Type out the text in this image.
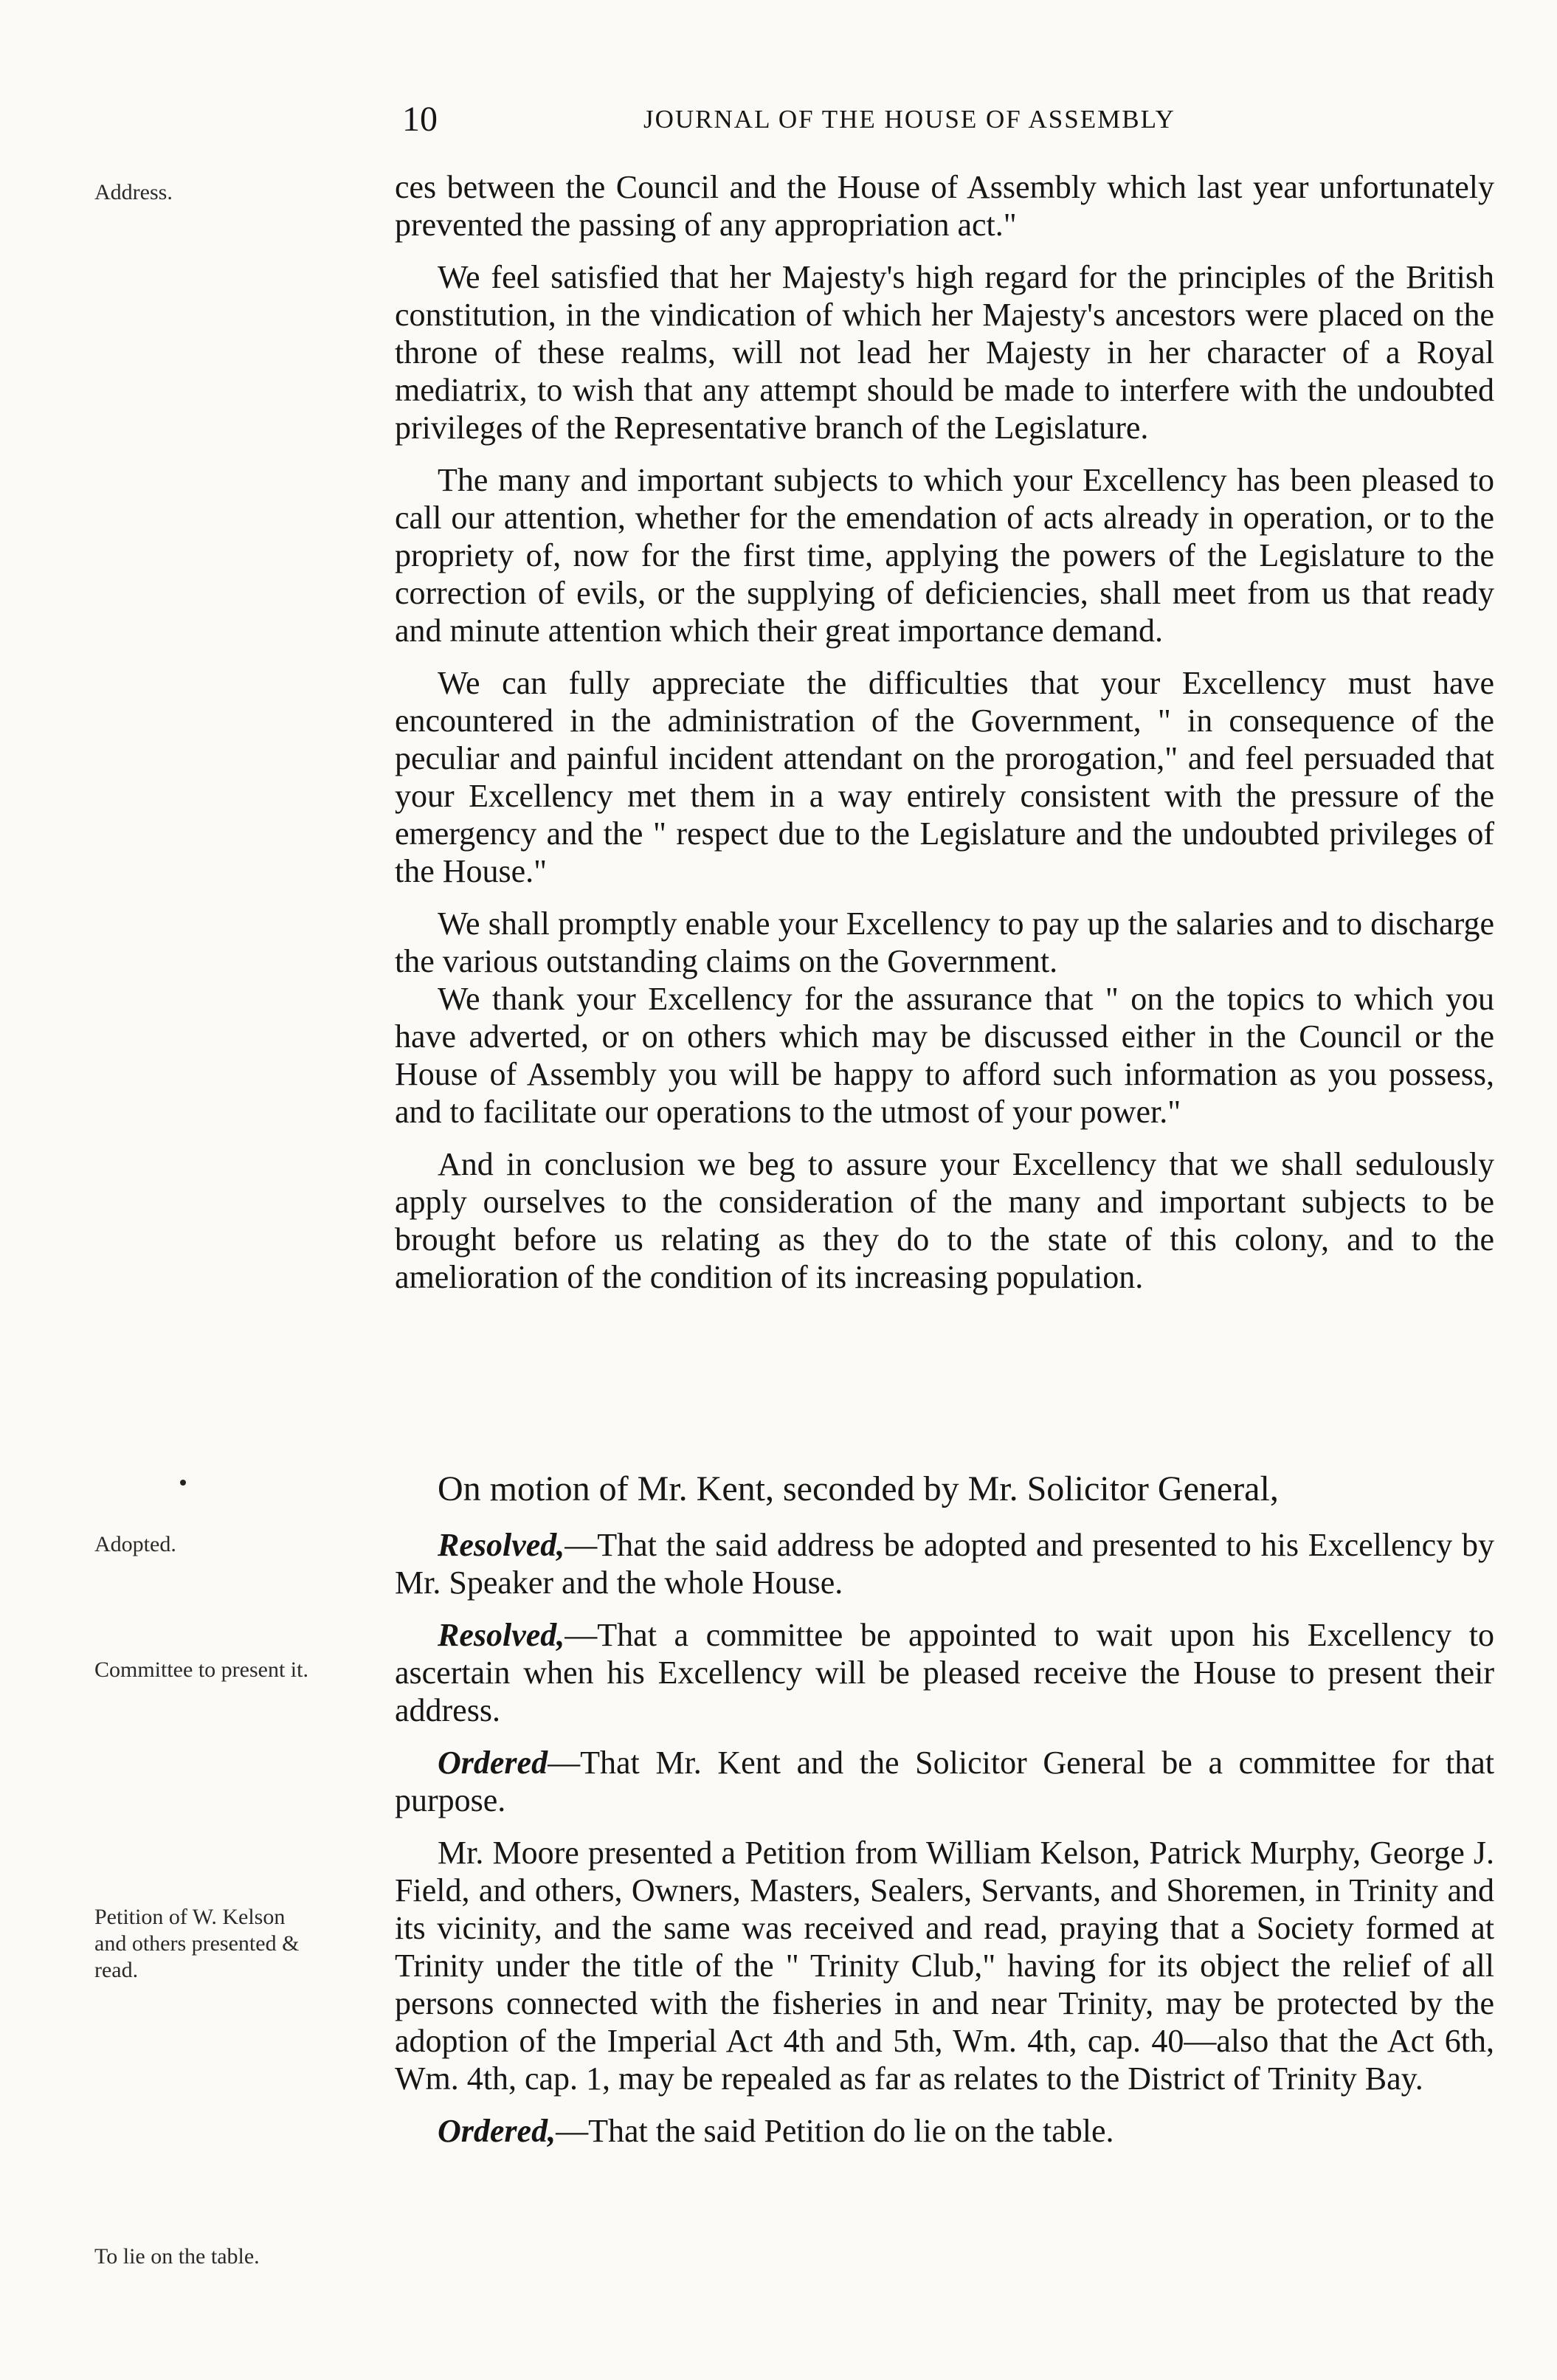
10	JOURNAL OF THE HOUSE OF ASSEMBLY
Address.
Adopted.
Committee to present it.
Petition of W. Kelson
and others presented &
read.
To lie on the table.

ces between the Council and the House of Assembly which last year unfortunately prevented the passing of any appropriation act."

We feel satisfied that her Majesty's high regard for the principles of the British constitution, in the vindication of which her Majesty's ancestors were placed on the throne of these realms, will not lead her Majesty in her character of a Royal mediatrix, to wish that any attempt should be made to interfere with the undoubted privileges of the Representative branch of the Legislature.

The many and important subjects to which your Excellency has been pleased to call our attention, whether for the emendation of acts already in operation, or to the propriety of, now for the first time, applying the powers of the Legislature to the correction of evils, or the supplying of deficiencies, shall meet from us that ready and minute attention which their great importance demand.

We can fully appreciate the difficulties that your Excellency must have encountered in the administration of the Government, " in consequence of the peculiar and painful incident attendant on the prorogation," and feel persuaded that your Excellency met them in a way entirely consistent with the pressure of the emergency and the " respect due to the Legislature and the undoubted privileges of the House."

We shall promptly enable your Excellency to pay up the salaries and to discharge the various outstanding claims on the Government.

We thank your Excellency for the assurance that " on the topics to which you have adverted, or on others which may be discussed either in the Council or the House of Assembly you will be happy to afford such information as you possess, and to facilitate our operations to the utmost of your power."

And in conclusion we beg to assure your Excellency that we shall sedulously apply ourselves to the consideration of the many and important subjects to be brought before us relating as they do to the state of this colony, and to the amelioration of the condition of its increasing population.

On motion of Mr. Kent, seconded by Mr. Solicitor General,

Resolved,—That the said address be adopted and presented to his Excellency by Mr. Speaker and the whole House.

Resolved,—That a committee be appointed to wait upon his Excellency to ascertain when his Excellency will be pleased receive the House to present their address.

Ordered—That Mr. Kent and the Solicitor General be a committee for that purpose.

Mr. Moore presented a Petition from William Kelson, Patrick Murphy, George J. Field, and others, Owners, Masters, Sealers, Servants, and Shoremen, in Trinity and its vicinity, and the same was received and read, praying that a Society formed at Trinity under the title of the " Trinity Club," having for its object the relief of all persons connected with the fisheries in and near Trinity, may be protected by the adoption of the Imperial Act 4th and 5th, Wm. 4th, cap. 40—also that the Act 6th, Wm. 4th, cap. 1, may be repealed as far as relates to the District of Trinity Bay.

Ordered,—That the said Petition do lie on the table.
